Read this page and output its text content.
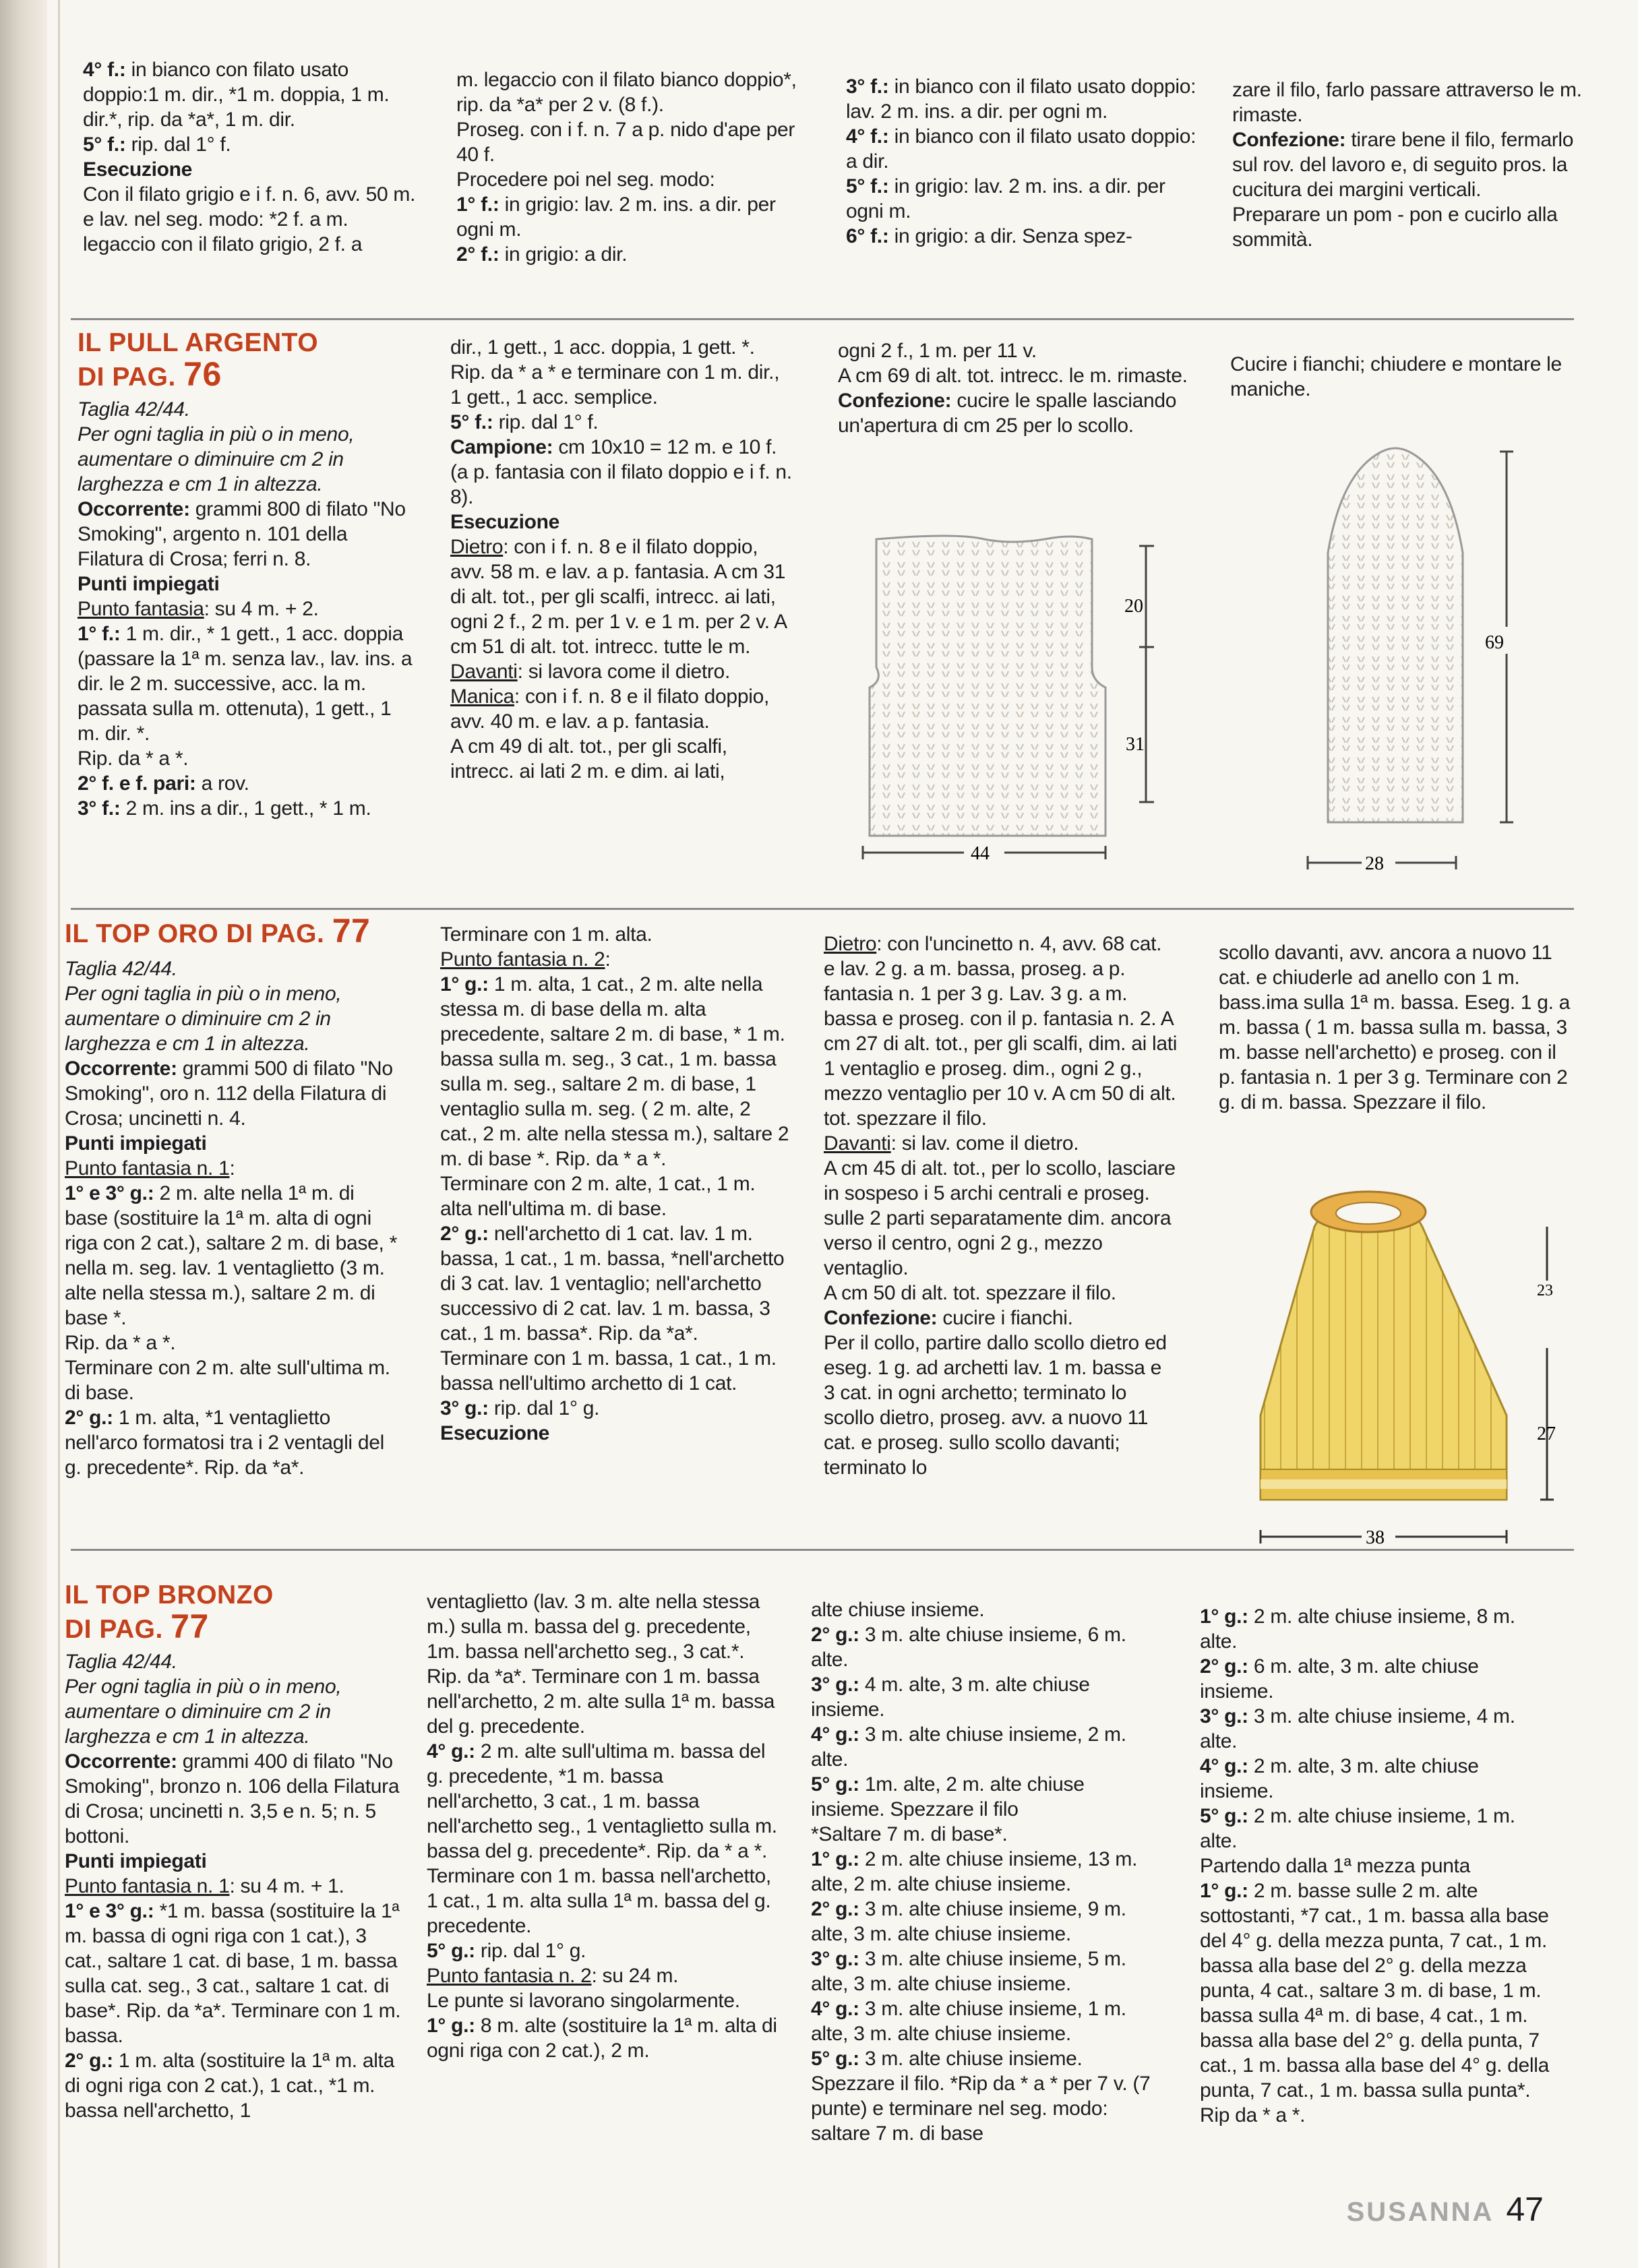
4° f.: in bianco con filato usato doppio:1 m. dir., *1 m. doppia, 1 m. dir.*, rip. da *a*, 1 m. dir.

5° f.: rip. dal 1° f.

Esecuzione

Con il filato grigio e i f. n. 6, avv. 50 m. e lav. nel seg. modo: *2 f. a m. legaccio con il filato grigio, 2 f. a

m. legaccio con il filato bianco doppio*, rip. da *a* per 2 v. (8 f.).

Proseg. con i f. n. 7 a p. nido d'ape per 40 f.

Procedere poi nel seg. modo:

1° f.: in grigio: lav. 2 m. ins. a dir. per ogni m.

2° f.: in grigio: a dir.

3° f.: in bianco con il filato usato doppio: lav. 2 m. ins. a dir. per ogni m.

4° f.: in bianco con il filato usato doppio: a dir.

5° f.: in grigio: lav. 2 m. ins. a dir. per ogni m.

6° f.: in grigio: a dir. Senza spez-

zare il filo, farlo passare attraverso le m. rimaste.

Confezione: tirare bene il filo, fermarlo sul rov. del lavoro e, di seguito pros. la cucitura dei margini verticali.

Preparare un pom - pon e cucirlo alla sommità.

IL PULL ARGENTO
DI PAG. 76

Taglia 42/44.

Per ogni taglia in più o in meno, aumentare o diminuire cm 2 in larghezza e cm 1 in altezza.

Occorrente: grammi 800 di filato "No Smoking", argento n. 101 della Filatura di Crosa; ferri n. 8.

Punti impiegati

Punto fantasia: su 4 m. + 2.

1° f.: 1 m. dir., * 1 gett., 1 acc. doppia (passare la 1ª m. senza lav., lav. ins. a dir. le 2 m. successive, acc. la m. passata sulla m. ottenuta), 1 gett., 1 m. dir. *.

Rip. da * a *.

2° f. e f. pari: a rov.

3° f.: 2 m. ins a dir., 1 gett., * 1 m.

dir., 1 gett., 1 acc. doppia, 1 gett. *. Rip. da * a * e terminare con 1 m. dir., 1 gett., 1 acc. semplice.

5° f.: rip. dal 1° f.

Campione: cm 10x10 = 12 m. e 10 f. (a p. fantasia con il filato doppio e i f. n. 8).

Esecuzione

Dietro: con i f. n. 8 e il filato doppio, avv. 58 m. e lav. a p. fantasia. A cm 31 di alt. tot., per gli scalfi, intrecc. ai lati, ogni 2 f., 2 m. per 1 v. e 1 m. per 2 v. A cm 51 di alt. tot. intrecc. tutte le m.

Davanti: si lavora come il dietro.

Manica: con i f. n. 8 e il filato doppio, avv. 40 m. e lav. a p. fantasia.

A cm 49 di alt. tot., per gli scalfi, intrecc. ai lati 2 m. e dim. ai lati,

ogni 2 f., 1 m. per 11 v.

A cm 69 di alt. tot. intrecc. le m. rimaste.

Confezione: cucire le spalle lasciando un'apertura di cm 25 per lo scollo.

Cucire i fianchi; chiudere e montare le maniche.

20
31
44
69
28
IL TOP ORO DI PAG. 77

Taglia 42/44.

Per ogni taglia in più o in meno, aumentare o diminuire cm 2 in larghezza e cm 1 in altezza.

Occorrente: grammi 500 di filato "No Smoking", oro n. 112 della Filatura di Crosa; uncinetti n. 4.

Punti impiegati

Punto fantasia n. 1:

1° e 3° g.: 2 m. alte nella 1ª m. di base (sostituire la 1ª m. alta di ogni riga con 2 cat.), saltare 2 m. di base, * nella m. seg. lav. 1 ventaglietto (3 m. alte nella stessa m.), saltare 2 m. di base *.

Rip. da * a *.

Terminare con 2 m. alte sull'ultima m. di base.

2° g.: 1 m. alta, *1 ventaglietto nell'arco formatosi tra i 2 ventagli del g. precedente*. Rip. da *a*.

Terminare con 1 m. alta.

Punto fantasia n. 2:

1° g.: 1 m. alta, 1 cat., 2 m. alte nella stessa m. di base della m. alta precedente, saltare 2 m. di base, * 1 m. bassa sulla m. seg., 3 cat., 1 m. bassa sulla m. seg., saltare 2 m. di base, 1 ventaglio sulla m. seg. ( 2 m. alte, 2 cat., 2 m. alte nella stessa m.), saltare 2 m. di base *. Rip. da * a *.

Terminare con 2 m. alte, 1 cat., 1 m. alta nell'ultima m. di base.

2° g.: nell'archetto di 1 cat. lav. 1 m. bassa, 1 cat., 1 m. bassa, *nell'archetto di 3 cat. lav. 1 ventaglio; nell'archetto successivo di 2 cat. lav. 1 m. bassa, 3 cat., 1 m. bassa*. Rip. da *a*. Terminare con 1 m. bassa, 1 cat., 1 m. bassa nell'ultimo archetto di 1 cat.

3° g.: rip. dal 1° g.

Esecuzione

Dietro: con l'uncinetto n. 4, avv. 68 cat. e lav. 2 g. a m. bassa, proseg. a p. fantasia n. 1 per 3 g. Lav. 3 g. a m. bassa e proseg. con il p. fantasia n. 2. A cm 27 di alt. tot., per gli scalfi, dim. ai lati 1 ventaglio e proseg. dim., ogni 2 g., mezzo ventaglio per 10 v. A cm 50 di alt. tot. spezzare il filo.

Davanti: si lav. come il dietro.

A cm 45 di alt. tot., per lo scollo, lasciare in sospeso i 5 archi centrali e proseg. sulle 2 parti separatamente dim. ancora verso il centro, ogni 2 g., mezzo ventaglio.

A cm 50 di alt. tot. spezzare il filo.

Confezione: cucire i fianchi.

Per il collo, partire dallo scollo dietro ed eseg. 1 g. ad archetti lav. 1 m. bassa e 3 cat. in ogni archetto; terminato lo scollo dietro, proseg. avv. a nuovo 11 cat. e proseg. sullo scollo davanti; terminato lo

scollo davanti, avv. ancora a nuovo 11 cat. e chiuderle ad anello con 1 m. bass.ima sulla 1ª m. bassa. Eseg. 1 g. a m. bassa ( 1 m. bassa sulla m. bassa, 3 m. basse nell'archetto) e proseg. con il p. fantasia n. 1 per 3 g. Terminare con 2 g. di m. bassa. Spezzare il filo.

23
27
38
IL TOP BRONZO
DI PAG. 77

Taglia 42/44.

Per ogni taglia in più o in meno, aumentare o diminuire cm 2 in larghezza e cm 1 in altezza.

Occorrente: grammi 400 di filato "No Smoking", bronzo n. 106 della Filatura di Crosa; uncinetti n. 3,5 e n. 5; n. 5 bottoni.

Punti impiegati

Punto fantasia n. 1: su 4 m. + 1.

1° e 3° g.: *1 m. bassa (sostituire la 1ª m. bassa di ogni riga con 1 cat.), 3 cat., saltare 1 cat. di base, 1 m. bassa sulla cat. seg., 3 cat., saltare 1 cat. di base*. Rip. da *a*. Terminare con 1 m. bassa.

2° g.: 1 m. alta (sostituire la 1ª m. alta di ogni riga con 2 cat.), 1 cat., *1 m. bassa nell'archetto, 1

ventaglietto (lav. 3 m. alte nella stessa m.) sulla m. bassa del g. precedente, 1m. bassa nell'archetto seg., 3 cat.*. Rip. da *a*. Terminare con 1 m. bassa nell'archetto, 2 m. alte sulla 1ª m. bassa del g. precedente.

4° g.: 2 m. alte sull'ultima m. bassa del g. precedente, *1 m. bassa nell'archetto, 3 cat., 1 m. bassa nell'archetto seg., 1 ventaglietto sulla m. bassa del g. precedente*. Rip. da * a *.

Terminare con 1 m. bassa nell'archetto, 1 cat., 1 m. alta sulla 1ª m. bassa del g. precedente.

5° g.: rip. dal 1° g.

Punto fantasia n. 2: su 24 m.

Le punte si lavorano singolarmente.

1° g.: 8 m. alte (sostituire la 1ª m. alta di ogni riga con 2 cat.), 2 m.

alte chiuse insieme.

2° g.: 3 m. alte chiuse insieme, 6 m. alte.

3° g.: 4 m. alte, 3 m. alte chiuse insieme.

4° g.: 3 m. alte chiuse insieme, 2 m. alte.

5° g.: 1m. alte, 2 m. alte chiuse insieme. Spezzare il filo

*Saltare 7 m. di base*.

1° g.: 2 m. alte chiuse insieme, 13 m. alte, 2 m. alte chiuse insieme.

2° g.: 3 m. alte chiuse insieme, 9 m. alte, 3 m. alte chiuse insieme.

3° g.: 3 m. alte chiuse insieme, 5 m. alte, 3 m. alte chiuse insieme.

4° g.: 3 m. alte chiuse insieme, 1 m. alte, 3 m. alte chiuse insieme.

5° g.: 3 m. alte chiuse insieme. Spezzare il filo. *Rip da * a * per 7 v. (7 punte) e terminare nel seg. modo: saltare 7 m. di base

1° g.: 2 m. alte chiuse insieme, 8 m. alte.

2° g.: 6 m. alte, 3 m. alte chiuse insieme.

3° g.: 3 m. alte chiuse insieme, 4 m. alte.

4° g.: 2 m. alte, 3 m. alte chiuse insieme.

5° g.: 2 m. alte chiuse insieme, 1 m. alte.

Partendo dalla 1ª mezza punta

1° g.: 2 m. basse sulle 2 m. alte sottostanti, *7 cat., 1 m. bassa alla base del 4° g. della mezza punta, 7 cat., 1 m. bassa alla base del 2° g. della mezza punta, 4 cat., saltare 3 m. di base, 1 m. bassa sulla 4ª m. di base, 4 cat., 1 m. bassa alla base del 2° g. della punta, 7 cat., 1 m. bassa alla base del 4° g. della punta, 7 cat., 1 m. bassa sulla punta*. Rip da * a *.

SUSANNA 47
